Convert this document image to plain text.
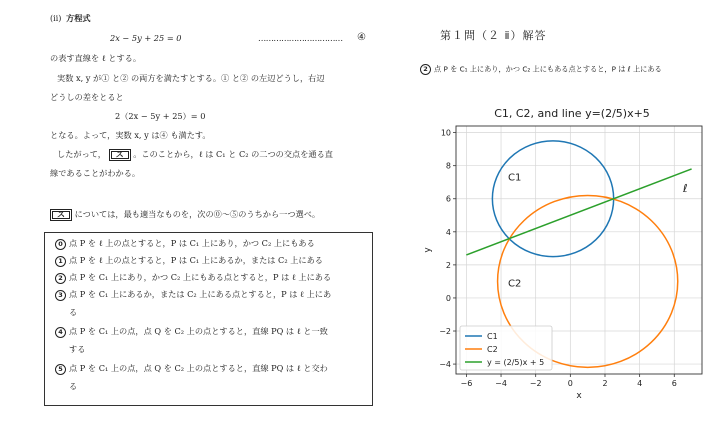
(ⅱ) 方程式
2x − 5y + 25 = 0	…………………………… ④
の表す直線を ℓ とする。
実数 x, y が① と② の両方を満たすとする。① と② の左辺どうし，右辺
どうしの差をとると
2（2x − 5y + 25）= 0
となる。よって，実数 x, y は④ も満たす。
したがって， ス 。このことから，ℓ は C₁ と C₂ の二つの交点を通る直
線であることがわかる。
ス については，最も適当なものを，次の⓪～⑤のうちから一つ選べ。
0 点 P を ℓ 上の点とすると，P は C₁ 上にあり，かつ C₂ 上にもある
1 点 P を ℓ 上の点とすると，P は C₁ 上にあるか，または C₂ 上にある
2 点 P を C₁ 上にあり，かつ C₂ 上にもある点とすると，P は ℓ 上にある
3 点 P を C₁ 上にあるか，または C₂ 上にある点とすると，P は ℓ 上にあ
る
4 点 P を C₁ 上の点，点 Q を C₂ 上の点とすると，直線 PQ は ℓ と一致
する
5 点 P を C₁ 上の点，点 Q を C₂ 上の点とすると，直線 PQ は ℓ と交わ
る
第１問（２ ⅱ）解答
2 点 P を C₁ 上にあり，かつ C₂ 上にもある点とすると，P は ℓ 上にある
C1, C2, and line y=(2/5)x+5
−6	−4	−2	0	2	4	6
−4
−2
0
2
4
6
8
10
x
y
C1
C2
ℓ
C1
C2
y = (2/5)x + 5
